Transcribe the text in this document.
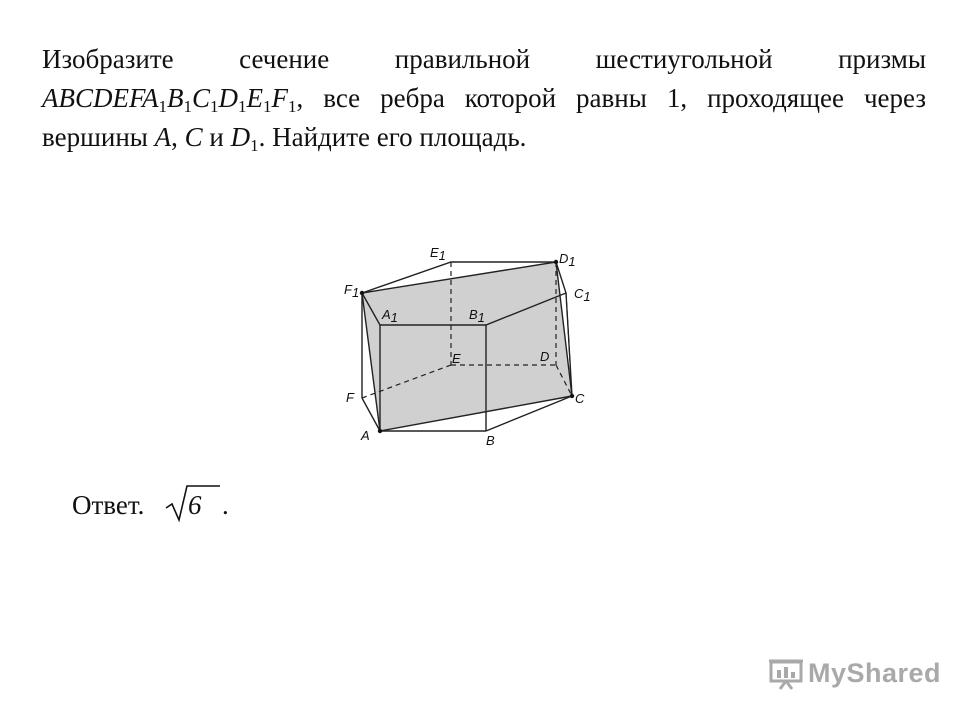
Изобразите сечение правильной шестиугольной призмы $ABCDEFA_1B_1C_1D_1E_1F_1$, все ребра которой равны 1, проходящее через вершины A, C и $D_1$. Найдите его площадь.

E1	D1
F1	C1
A1	B1
E	D
F	C
A	B
Ответ. 6 .
MyShared
